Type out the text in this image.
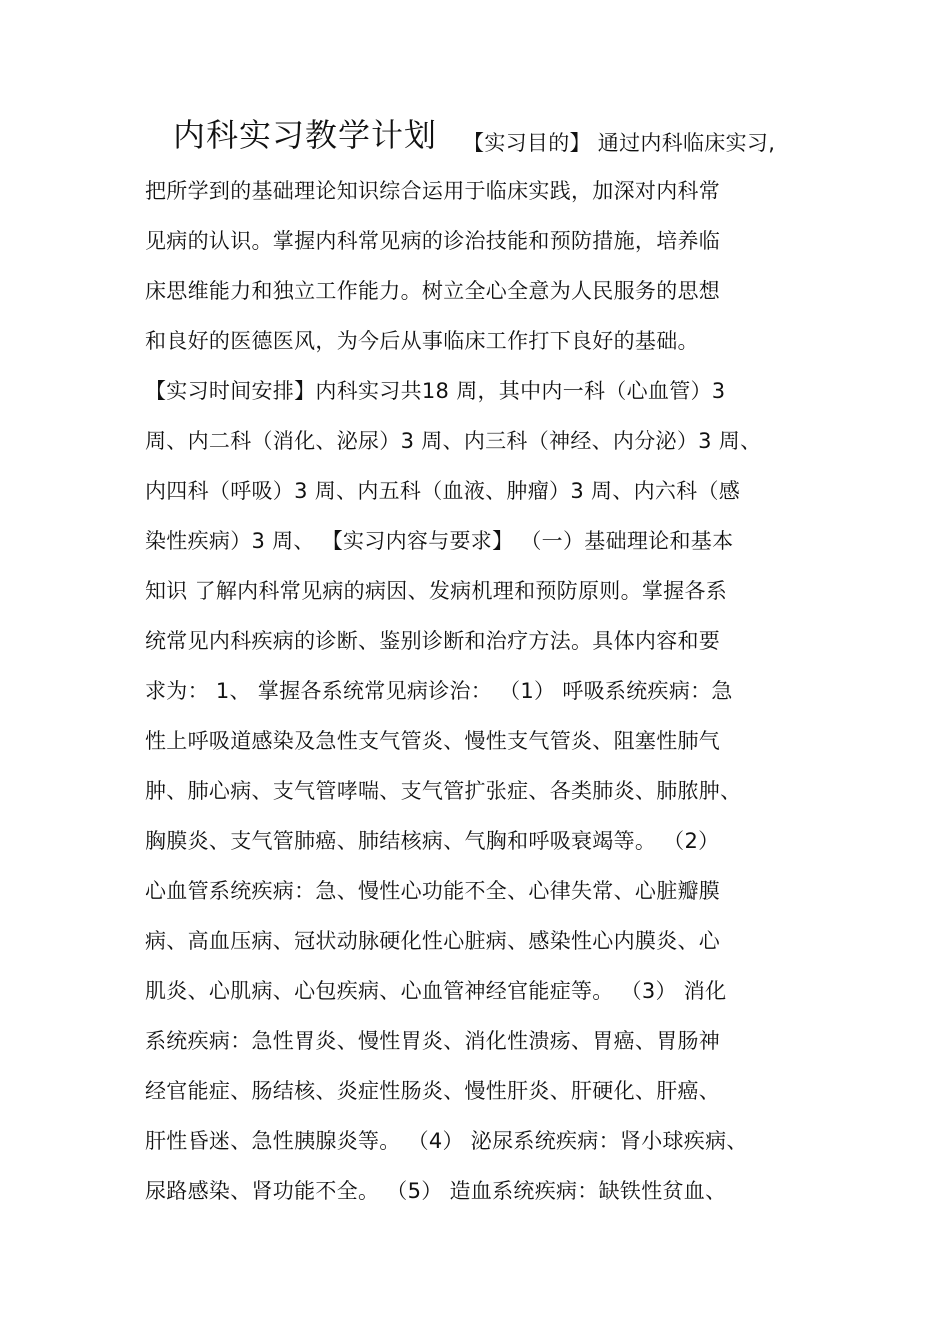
内科实习教学计划 【实习目的】 通过内科临床实习,
把所学到的基础理论知识综合运用于临床实践，加深对内科常
见病的认识。掌握内科常见病的诊治技能和预防措施，培养临
床思维能力和独立工作能力。树立全心全意为人民服务的思想
和良好的医德医风，为今后从事临床工作打下良好的基础。
【实习时间安排】内科实习共18 周，其中内一科（心血管）3
周、内二科（消化、泌尿）3 周、内三科（神经、内分泌）3 周、
内四科（呼吸）3 周、内五科（血液、肿瘤）3 周、内六科（感
染性疾病）3 周、 【实习内容与要求】 （一）基础理论和基本
知识 了解内科常见病的病因、发病机理和预防原则。掌握各系
统常见内科疾病的诊断、鉴别诊断和治疗方法。具体内容和要
求为： 1、 掌握各系统常见病诊治： （1） 呼吸系统疾病：急
性上呼吸道感染及急性支气管炎、慢性支气管炎、阻塞性肺气
肿、肺心病、支气管哮喘、支气管扩张症、各类肺炎、肺脓肿、
胸膜炎、支气管肺癌、肺结核病、气胸和呼吸衰竭等。 （2）
心血管系统疾病：急、慢性心功能不全、心律失常、心脏瓣膜
病、高血压病、冠状动脉硬化性心脏病、感染性心内膜炎、心
肌炎、心肌病、心包疾病、心血管神经官能症等。 （3） 消化
系统疾病：急性胃炎、慢性胃炎、消化性溃疡、胃癌、胃肠神
经官能症、肠结核、炎症性肠炎、慢性肝炎、肝硬化、肝癌、
肝性昏迷、急性胰腺炎等。 （4） 泌尿系统疾病：肾小球疾病、
尿路感染、肾功能不全。 （5） 造血系统疾病：缺铁性贫血、
